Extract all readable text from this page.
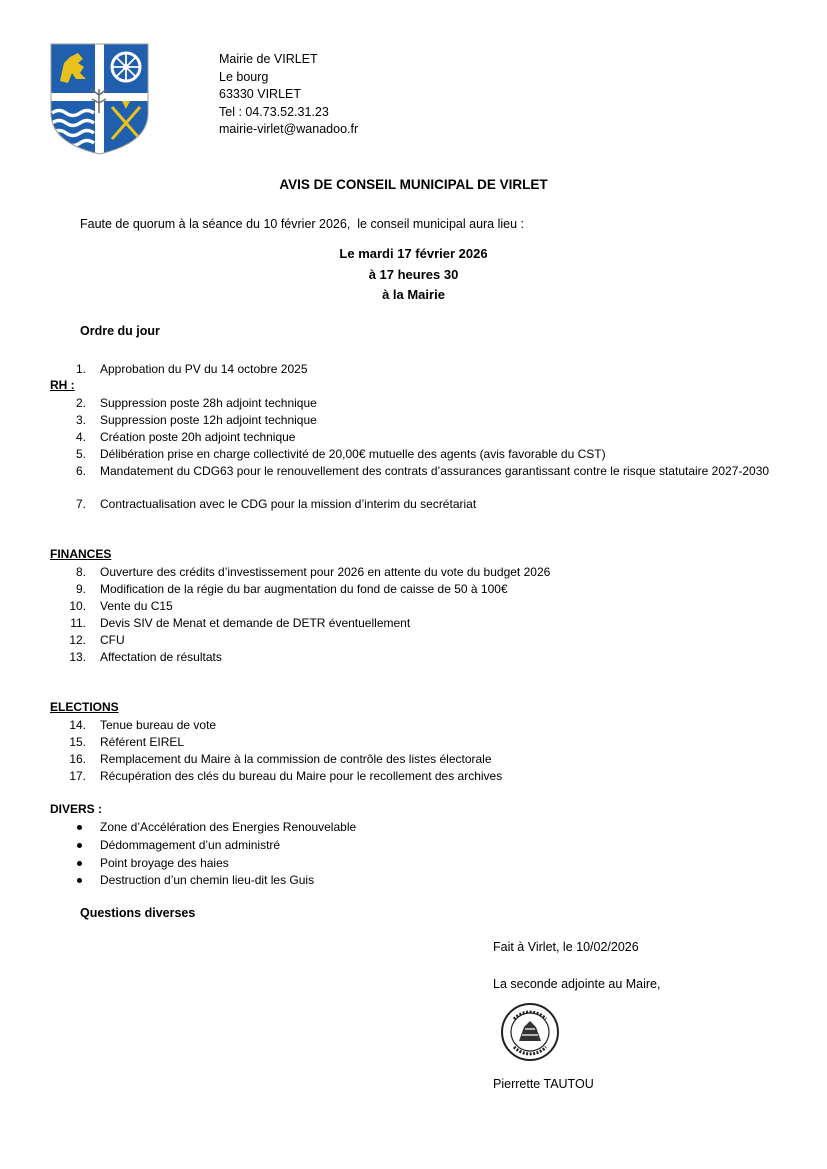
Mairie de VIRLET
Le bourg
63330 VIRLET
Tel : 04.73.52.31.23
mairie-virlet@wanadoo.fr
AVIS DE CONSEIL MUNICIPAL DE VIRLET
Faute de quorum à la séance du 10 février 2026,  le conseil municipal aura lieu :
Le mardi 17 février 2026
à 17 heures 30
à la Mairie
Ordre du jour
1. Approbation du PV du 14 octobre 2025
RH :
2. Suppression poste 28h adjoint technique
3. Suppression poste 12h adjoint technique
4. Création poste 20h adjoint technique
5. Délibération prise en charge collectivité de 20,00€ mutuelle des agents (avis favorable du CST)
6. Mandatement du CDG63 pour le renouvellement des contrats d’assurances garantissant contre le risque statutaire 2027-2030
7. Contractualisation avec le CDG pour la mission d’interim du secrétariat
FINANCES
8. Ouverture des crédits d’investissement pour 2026 en attente du vote du budget 2026
9. Modification de la régie du bar augmentation du fond de caisse de 50 à 100€
10. Vente du C15
11. Devis SIV de Menat et demande de DETR éventuellement
12. CFU
13. Affectation de résultats
ELECTIONS
14. Tenue bureau de vote
15. Référent EIREL
16. Remplacement du Maire à la commission de contrôle des listes électorale
17. Récupération des clés du bureau du Maire pour le recollement des archives
DIVERS :
Zone d’Accélération des Energies Renouvelable
Dédommagement d’un administré
Point broyage des haies
Destruction d’un chemin lieu-dit les Guis
Questions diverses
Fait à Virlet, le 10/02/2026
La seconde adjointe au Maire,
Pierrette TAUTOU
